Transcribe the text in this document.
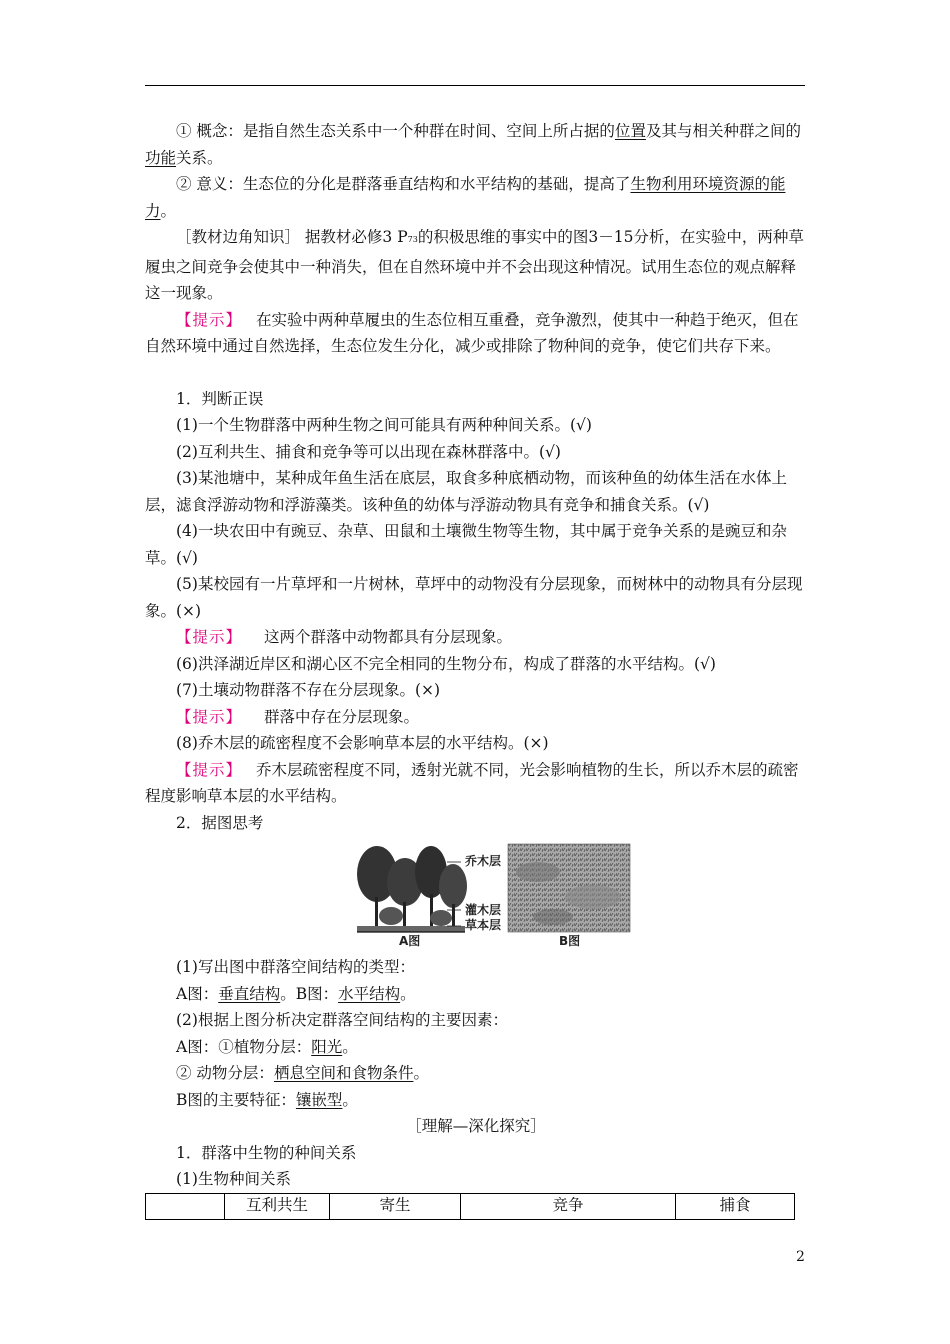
① 概念：是指自然生态关系中一个种群在时间、空间上所占据的位置及其与相关种群之间的功能关系。

② 意义：生态位的分化是群落垂直结构和水平结构的基础，提高了生物利用环境资源的能力。

［教材边角知识］ 据教材必修3 P73的积极思维的事实中的图3－15分析，在实验中，两种草履虫之间竞争会使其中一种消失，但在自然环境中并不会出现这种情况。试用生态位的观点解释这一现象。

【提示】 在实验中两种草履虫的生态位相互重叠，竞争激烈，使其中一种趋于绝灭，但在自然环境中通过自然选择，生态位发生分化，减少或排除了物种间的竞争，使它们共存下来。

1．判断正误

(1)一个生物群落中两种生物之间可能具有两种种间关系。(√)

(2)互利共生、捕食和竞争等可以出现在森林群落中。(√)

(3)某池塘中，某种成年鱼生活在底层，取食多种底栖动物，而该种鱼的幼体生活在水体上层，滤食浮游动物和浮游藻类。该种鱼的幼体与浮游动物具有竞争和捕食关系。(√)

(4)一块农田中有豌豆、杂草、田鼠和土壤微生物等生物，其中属于竞争关系的是豌豆和杂草。(√)

(5)某校园有一片草坪和一片树林，草坪中的动物没有分层现象，而树林中的动物具有分层现象。(×)

【提示】 这两个群落中动物都具有分层现象。

(6)洪泽湖近岸区和湖心区不完全相同的生物分布，构成了群落的水平结构。(√)

(7)土壤动物群落不存在分层现象。(×)

【提示】 群落中存在分层现象。

(8)乔木层的疏密程度不会影响草本层的水平结构。(×)

【提示】 乔木层疏密程度不同，透射光就不同，光会影响植物的生长，所以乔木层的疏密程度影响草本层的水平结构。

2．据图思考

乔木层
灌木层
草本层
A图	B图

(1)写出图中群落空间结构的类型：

A图：垂直结构。B图：水平结构。

(2)根据上图分析决定群落空间结构的主要因素：

A图：①植物分层：阳光。

② 动物分层：栖息空间和食物条件。

B图的主要特征：镶嵌型。

［理解—深化探究］

1．群落中生物的种间关系

(1)生物种间关系

	互利共生	寄生	竞争	捕食
2
